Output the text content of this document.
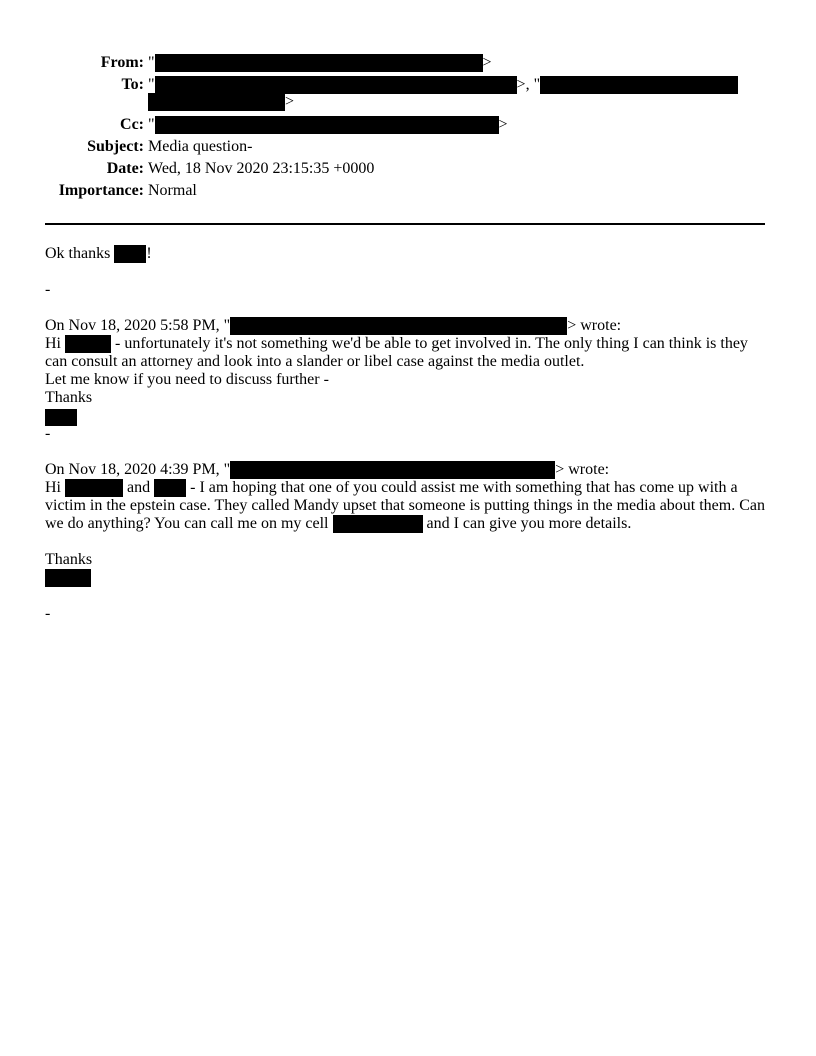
From: "	>
To: "	>, "
>
Cc: "	>
Subject: Media question-
Date: Wed, 18 Nov 2020 23:15:35 +0000
Importance: Normal
Ok thanks !
-
On Nov 18, 2020 5:58 PM, "	> wrote:
Hi	- unfortunately it's not something we'd be able to get involved in. The only thing I can think is they
can consult an attorney and look into a slander or libel case against the media outlet.
Let me know if you need to discuss further -
Thanks
-
On Nov 18, 2020 4:39 PM, "	> wrote:
Hi	and	- I am hoping that one of you could assist me with something that has come up with a
victim in the epstein case. They called Mandy upset that someone is putting things in the media about them. Can
we do anything? You can call me on my cell	and I can give you more details.
Thanks
-
